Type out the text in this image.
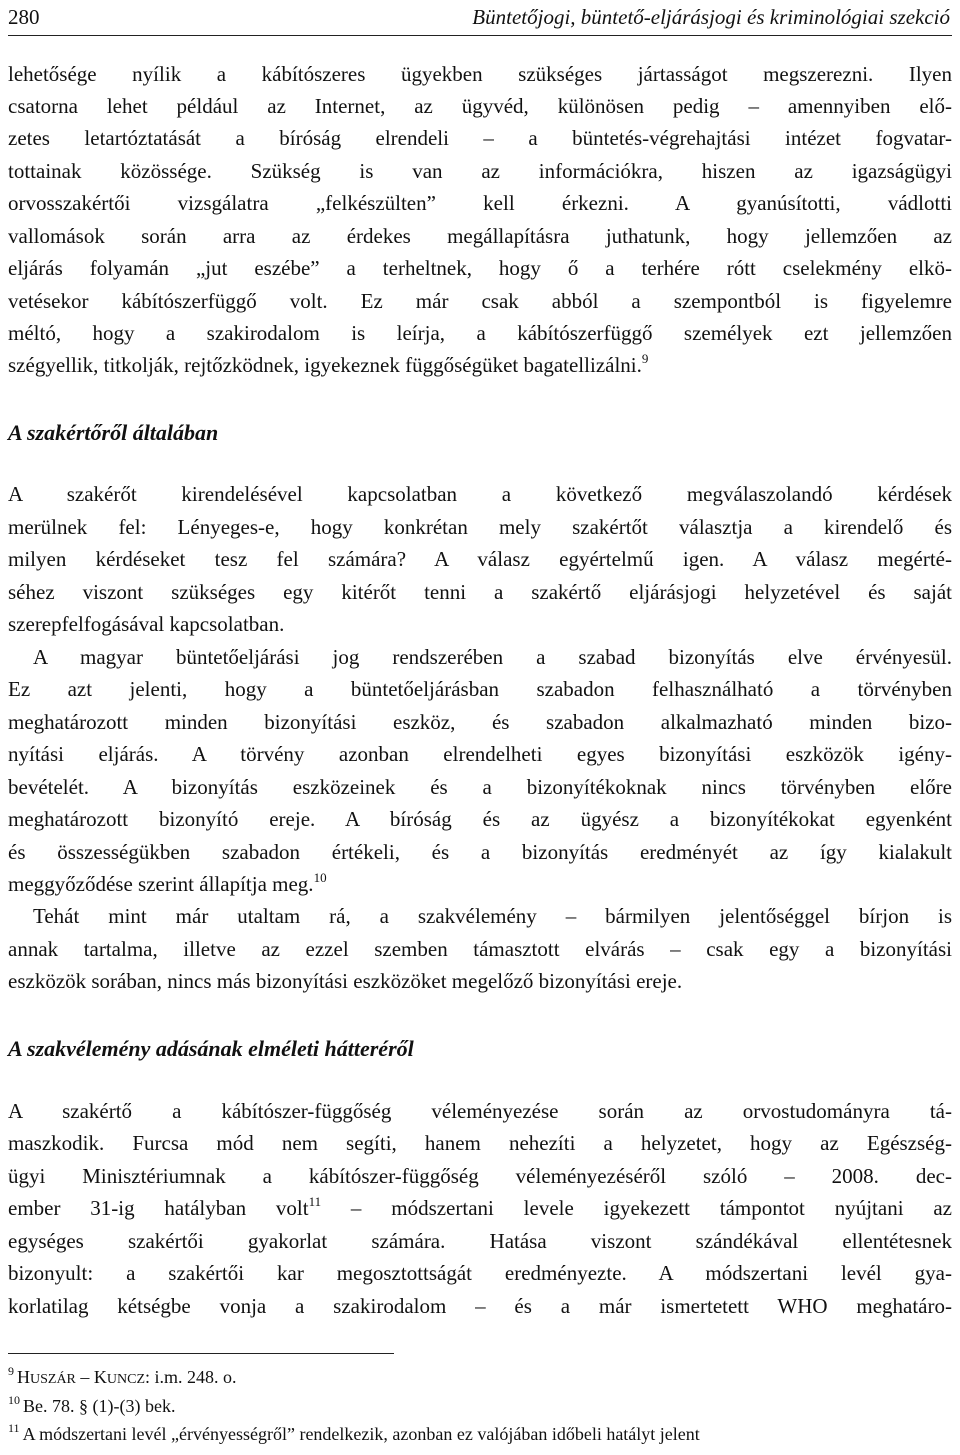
280	Büntetőjogi, büntető-eljárásjogi és kriminológiai szekció

lehetősége nyílik a kábítószeres ügyekben szükséges jártasságot megszerezni. Ilyen

csatorna lehet például az Internet, az ügyvéd, különösen pedig ‒ amennyiben elő-

zetes letartóztatását a bíróság elrendeli ‒ a büntetés-végrehajtási intézet fogvatar-

tottainak közössége. Szükség is van az információkra, hiszen az igazságügyi

orvosszakértői vizsgálatra „felkészülten” kell érkezni. A gyanúsítotti, vádlotti

vallomások során arra az érdekes megállapításra juthatunk, hogy jellemzően az

eljárás folyamán „jut eszébe” a terheltnek, hogy ő a terhére rótt cselekmény elkö-

vetésekor kábítószerfüggő volt. Ez már csak abból a szempontból is figyelemre

méltó, hogy a szakirodalom is leírja, a kábítószerfüggő személyek ezt jellemzően

szégyellik, titkolják, rejtőzködnek, igyekeznek függőségüket bagatellizálni.$^9$

A szakértőről általában

A szakérőt kirendelésével kapcsolatban a következő megválaszolandó kérdések

merülnek fel: Lényeges-e, hogy konkrétan mely szakértőt választja a kirendelő és

milyen kérdéseket tesz fel számára? A válasz egyértelmű igen. A válasz megérté-

séhez viszont szükséges egy kitérőt tenni a szakértő eljárásjogi helyzetével és saját

szerepfelfogásával kapcsolatban.

A magyar büntetőeljárási jog rendszerében a szabad bizonyítás elve érvényesül.

Ez azt jelenti, hogy a büntetőeljárásban szabadon felhasználható a törvényben

meghatározott minden bizonyítási eszköz, és szabadon alkalmazható minden bizo-

nyítási eljárás. A törvény azonban elrendelheti egyes bizonyítási eszközök igény-

bevételét. A bizonyítás eszközeinek és a bizonyítékoknak nincs törvényben előre

meghatározott bizonyító ereje. A bíróság és az ügyész a bizonyítékokat egyenként

és összességükben szabadon értékeli, és a bizonyítás eredményét az így kialakult

meggyőződése szerint állapítja meg.$^{10}$

Tehát mint már utaltam rá, a szakvélemény ‒ bármilyen jelentőséggel bírjon is

annak tartalma, illetve az ezzel szemben támasztott elvárás ‒ csak egy a bizonyítási

eszközök sorában, nincs más bizonyítási eszközöket megelőző bizonyítási ereje.

A szakvélemény adásának elméleti hátteréről

A szakértő a kábítószer-függőség véleményezése során az orvostudományra tá-

maszkodik. Furcsa mód nem segíti, hanem nehezíti a helyzetet, hogy az Egészség-

ügyi Minisztériumnak a kábítószer-függőség véleményezéséről szóló ‒ 2008. dec-

ember 31-ig hatályban volt$^{11}$ ‒ módszertani levele igyekezett támpontot nyújtani az

egységes szakértői gyakorlat számára. Hatása viszont szándékával ellentétesnek

bizonyult: a szakértői kar megosztottságát eredményezte. A módszertani levél gya-

korlatilag kétségbe vonja a szakirodalom ‒ és a már ismertetett WHO meghatáro-

$^9$ HUSZÁR – KUNCZ: i.m. 248. o.

$^{10}$ Be. 78. § (1)-(3) bek.

$^{11}$ A módszertani levél „érvényességről” rendelkezik, azonban ez valójában időbeli hatályt jelent
